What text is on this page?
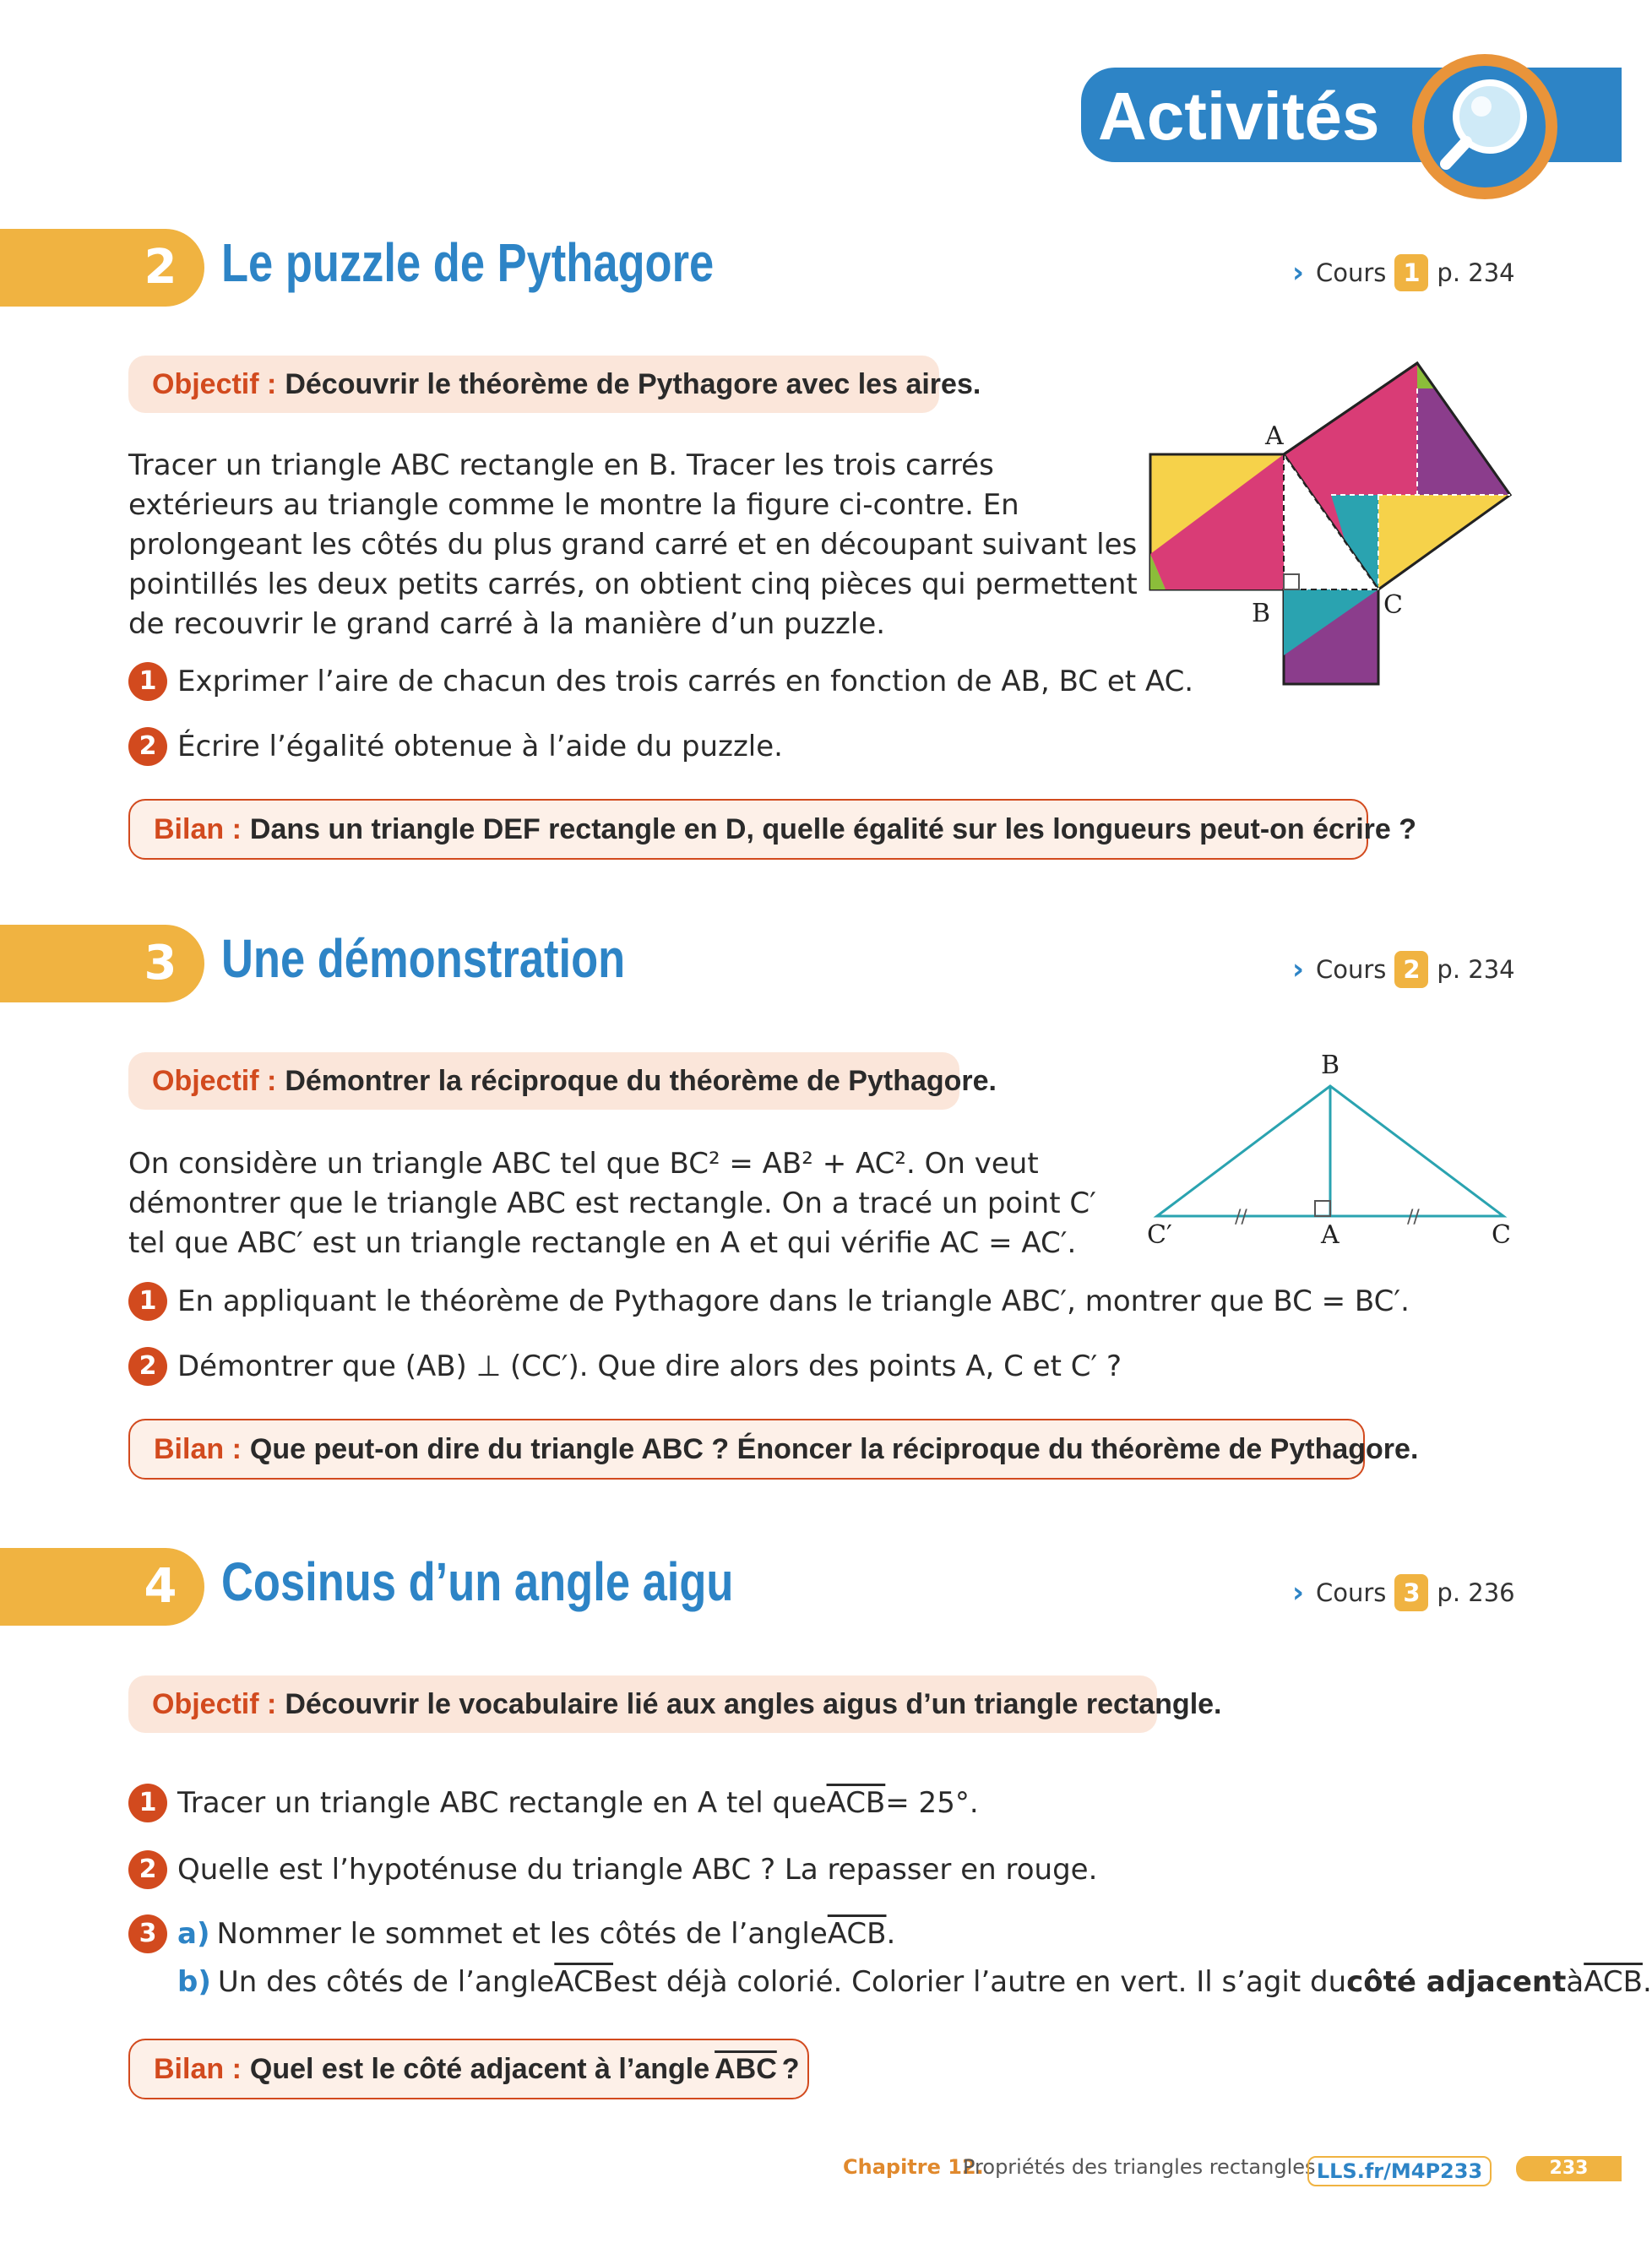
Activités
2 Le puzzle de Pythagore	› Cours 1 p. 234
Objectif : Découvrir le théorème de Pythagore avec les aires.
Tracer un triangle ABC rectangle en B. Tracer les trois carrés
extérieurs au triangle comme le montre la figure ci-contre. En
prolongeant les côtés du plus grand carré et en découpant suivant les
pointillés les deux petits carrés, on obtient cinq pièces qui permettent
de recouvrir le grand carré à la manière d’un puzzle.
1 Exprimer l’aire de chacun des trois carrés en fonction de AB, BC et AC.
2 Écrire l’égalité obtenue à l’aide du puzzle.
Bilan : Dans un triangle DEF rectangle en D, quelle égalité sur les longueurs peut-on écrire ?
A
B	C
3 Une démonstration	› Cours 2 p. 234
Objectif : Démontrer la réciproque du théorème de Pythagore.
On considère un triangle ABC tel que BC² = AB² + AC². On veut
démontrer que le triangle ABC est rectangle. On a tracé un point C′
tel que ABC′ est un triangle rectangle en A et qui vérifie AC = AC′.
1 En appliquant le théorème de Pythagore dans le triangle ABC′, montrer que BC = BC′.
2 Démontrer que (AB) ⊥ (CC′). Que dire alors des points A, C et C′ ?
Bilan : Que peut-on dire du triangle ABC ? Énoncer la réciproque du théorème de Pythagore.
//	//
B
C′	A	C
4 Cosinus d’un angle aigu	› Cours 3 p. 236
Objectif : Découvrir le vocabulaire lié aux angles aigus d’un triangle rectangle.
1 Tracer un triangle ABC rectangle en A tel que $\overline{ACB} = 25^\circ$.
2 Quelle est l’hypoténuse du triangle ABC ? La repasser en rouge.
3 a) Nommer le sommet et les côtés de l’angle $\overline{ACB}$ .
b) Un des côtés de l’angle $\overline{ACB}$ est déjà colorié. Colorier l’autre en vert. Il s’agit du côté adjacent à $\overline{ACB}$ .
Bilan : Quel est le côté adjacent à l’angle $\overline{ABC}$ ?
Chapitre 12.
Propriétés des triangles rectangles LLS.fr/M4P233	233
